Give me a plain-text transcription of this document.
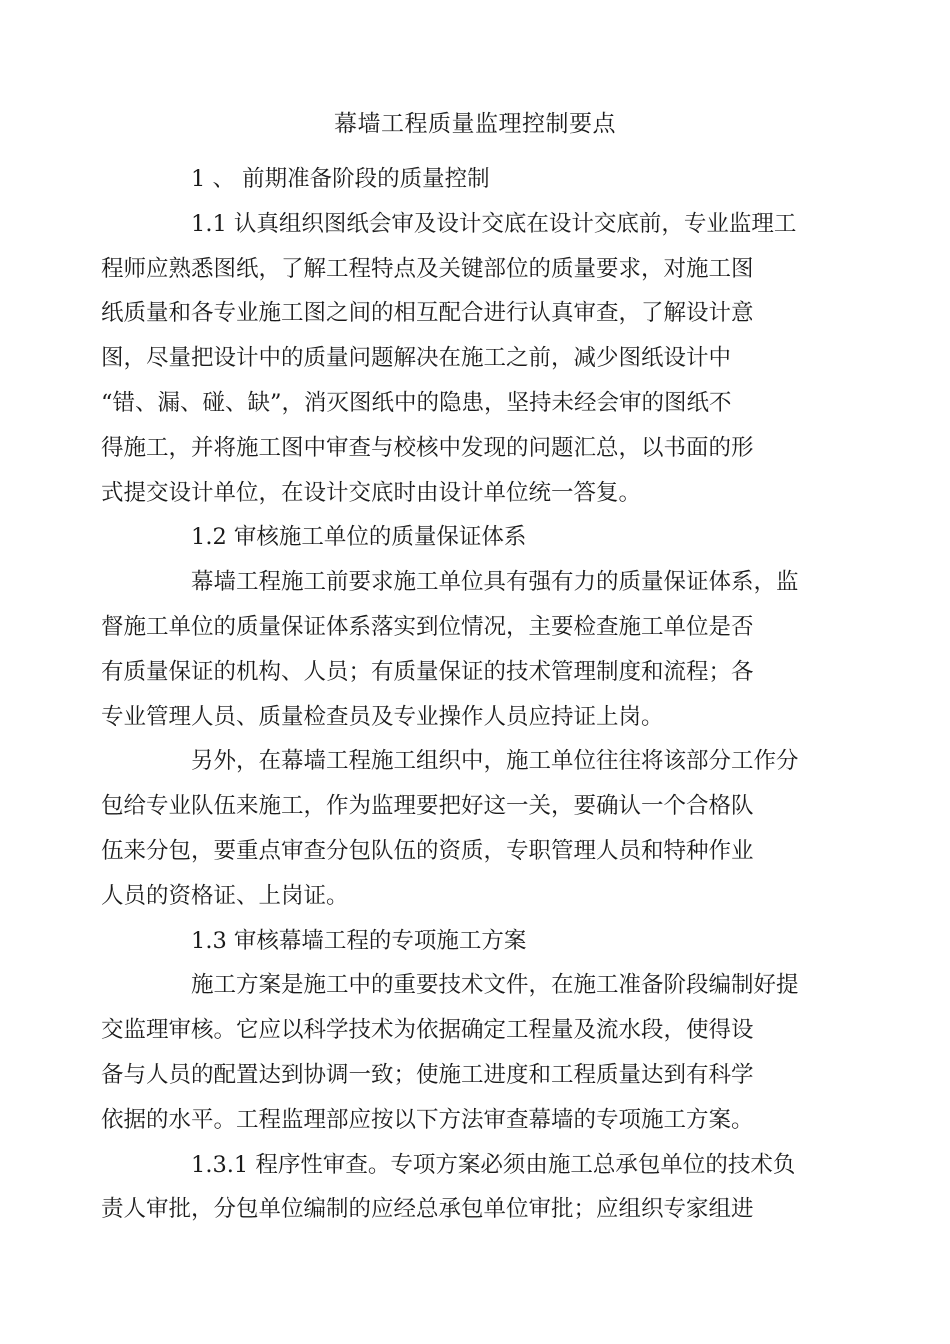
幕墙工程质量监理控制要点

1 、 前期准备阶段的质量控制

1.1 认真组织图纸会审及设计交底在设计交底前，专业监理工
程师应熟悉图纸，了解工程特点及关键部位的质量要求，对施工图
纸质量和各专业施工图之间的相互配合进行认真审查，了解设计意
图，尽量把设计中的质量问题解决在施工之前，减少图纸设计中
“错、漏、碰、缺”，消灭图纸中的隐患，坚持未经会审的图纸不
得施工，并将施工图中审查与校核中发现的问题汇总，以书面的形
式提交设计单位，在设计交底时由设计单位统一答复。

1.2 审核施工单位的质量保证体系

幕墙工程施工前要求施工单位具有强有力的质量保证体系，监
督施工单位的质量保证体系落实到位情况，主要检查施工单位是否
有质量保证的机构、人员；有质量保证的技术管理制度和流程；各
专业管理人员、质量检查员及专业操作人员应持证上岗。

另外，在幕墙工程施工组织中，施工单位往往将该部分工作分
包给专业队伍来施工，作为监理要把好这一关，要确认一个合格队
伍来分包，要重点审查分包队伍的资质，专职管理人员和特种作业
人员的资格证、上岗证。

1.3 审核幕墙工程的专项施工方案

施工方案是施工中的重要技术文件，在施工准备阶段编制好提
交监理审核。它应以科学技术为依据确定工程量及流水段，使得设
备与人员的配置达到协调一致；使施工进度和工程质量达到有科学
依据的水平。工程监理部应按以下方法审查幕墙的专项施工方案。

1.3.1 程序性审查。专项方案必须由施工总承包单位的技术负
责人审批，分包单位编制的应经总承包单位审批；应组织专家组进
